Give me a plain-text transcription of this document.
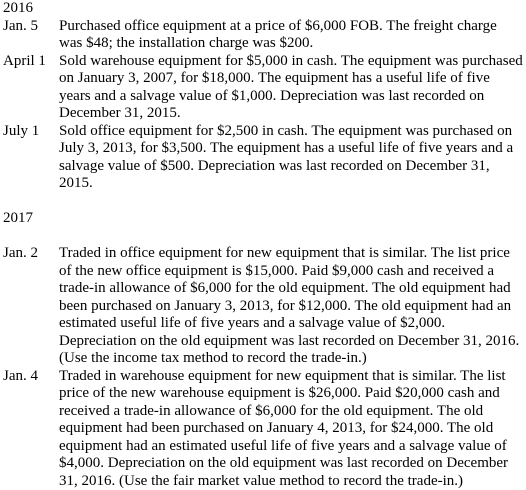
2016
Jan. 5	Purchased office equipment at a price of $6,000 FOB. The freight charge was $48; the installation charge was $200.
April 1 Sold warehouse equipment for $5,000 in cash. The equipment was purchased on January 3, 2007, for $18,000. The equipment has a useful life of five years and a salvage value of $1,000. Depreciation was last recorded on December 31, 2015.
July 1	Sold office equipment for $2,500 in cash. The equipment was purchased on July 3, 2013, for $3,500. The equipment has a useful life of five years and a salvage value of $500. Depreciation was last recorded on December 31, 2015.
2017
Jan. 2	Traded in office equipment for new equipment that is similar. The list price of the new office equipment is $15,000. Paid $9,000 cash and received a trade-in allowance of $6,000 for the old equipment. The old equipment had been purchased on January 3, 2013, for $12,000. The old equipment had an estimated useful life of five years and a salvage value of $2,000. Depreciation on the old equipment was last recorded on December 31, 2016. (Use the income tax method to record the trade-in.)
Jan. 4	Traded in warehouse equipment for new equipment that is similar. The list price of the new warehouse equipment is $26,000. Paid $20,000 cash and received a trade-in allowance of $6,000 for the old equipment. The old equipment had been purchased on January 4, 2013, for $24,000. The old equipment had an estimated useful life of five years and a salvage value of $4,000. Depreciation on the old equipment was last recorded on December 31, 2016. (Use the fair market value method to record the trade-in.)
